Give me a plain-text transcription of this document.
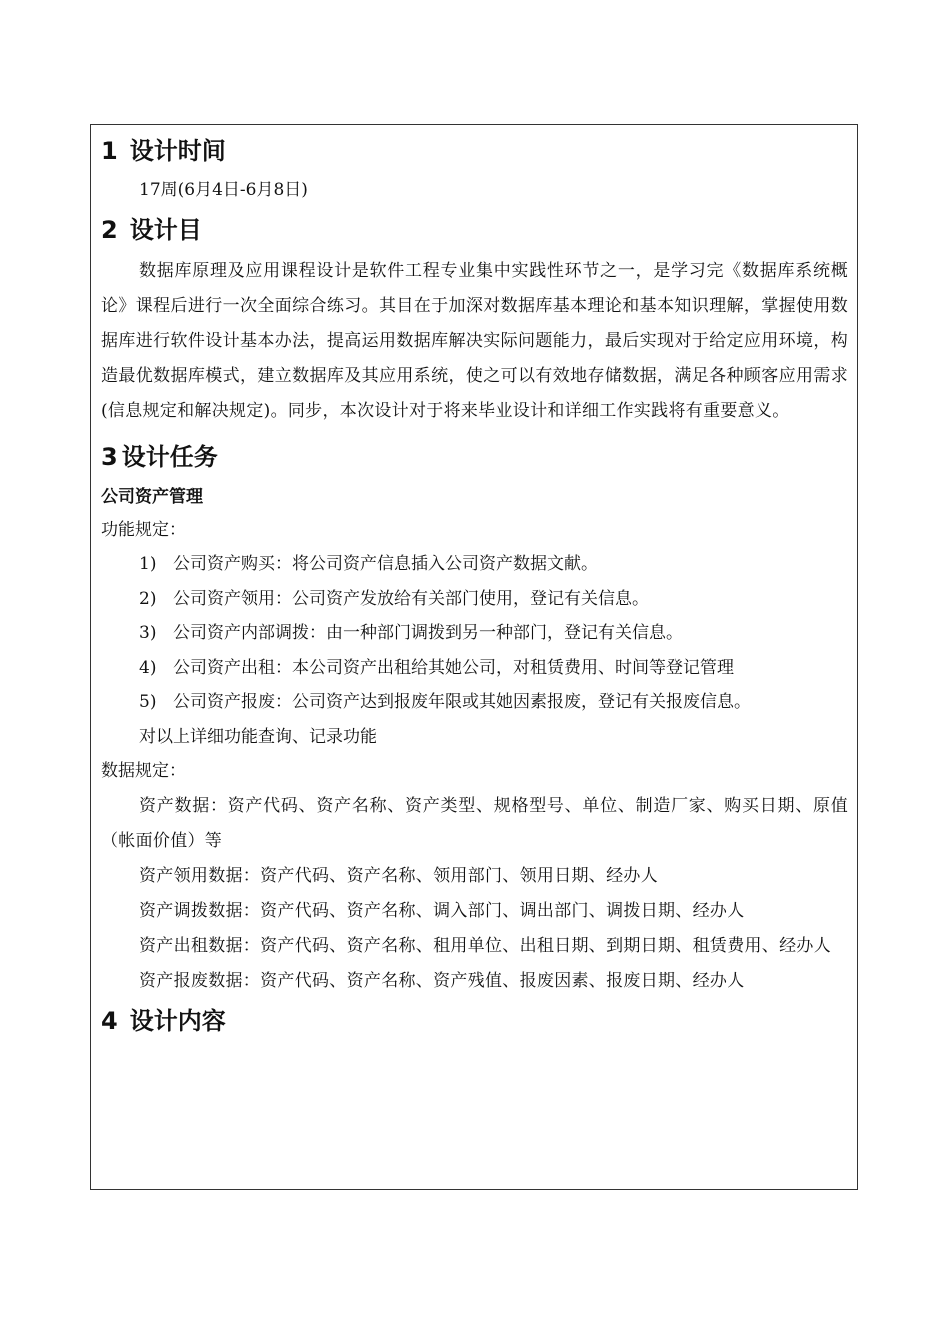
1 设计时间

17周(6月4日-6月8日)

2 设计目

数据库原理及应用课程设计是软件工程专业集中实践性环节之一，是学习完《数据库系统概论》课程后进行一次全面综合练习。其目在于加深对数据库基本理论和基本知识理解，掌握使用数据库进行软件设计基本办法，提高运用数据库解决实际问题能力，最后实现对于给定应用环境，构造最优数据库模式，建立数据库及其应用系统，使之可以有效地存储数据，满足各种顾客应用需求(信息规定和解决规定)。同步，本次设计对于将来毕业设计和详细工作实践将有重要意义。

3 设计任务

公司资产管理

功能规定：

1) 公司资产购买：将公司资产信息插入公司资产数据文献。

2) 公司资产领用：公司资产发放给有关部门使用，登记有关信息。

3) 公司资产内部调拨：由一种部门调拨到另一种部门，登记有关信息。

4) 公司资产出租：本公司资产出租给其她公司，对租赁费用、时间等登记管理

5) 公司资产报废：公司资产达到报废年限或其她因素报废，登记有关报废信息。

对以上详细功能查询、记录功能

数据规定：

资产数据：资产代码、资产名称、资产类型、规格型号、单位、制造厂家、购买日期、原值（帐面价值）等

资产领用数据：资产代码、资产名称、领用部门、领用日期、经办人

资产调拨数据：资产代码、资产名称、调入部门、调出部门、调拨日期、经办人

资产出租数据：资产代码、资产名称、租用单位、出租日期、到期日期、租赁费用、经办人

资产报废数据：资产代码、资产名称、资产残值、报废因素、报废日期、经办人

4 设计内容
